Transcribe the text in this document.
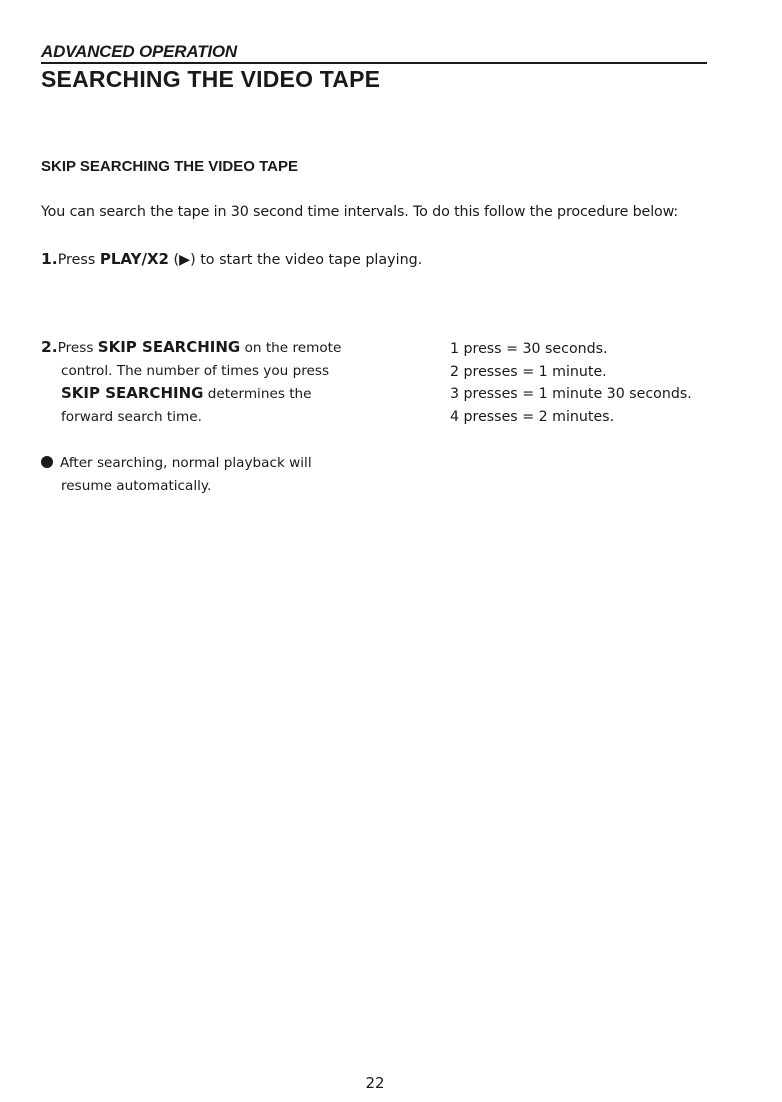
ADVANCED OPERATION
SEARCHING THE VIDEO TAPE
SKIP SEARCHING THE VIDEO TAPE
You can search the tape in 30 second time intervals. To do this follow the procedure below:
1.Press PLAY/X2 (▶) to start the video tape playing.
2.Press SKIP SEARCHING on the remote
control. The number of times you press
SKIP SEARCHING determines the
forward search time.
1 press = 30 seconds.
2 presses = 1 minute.
3 presses = 1 minute 30 seconds.
4 presses = 2 minutes.
After searching, normal playback will
resume automatically.
22
